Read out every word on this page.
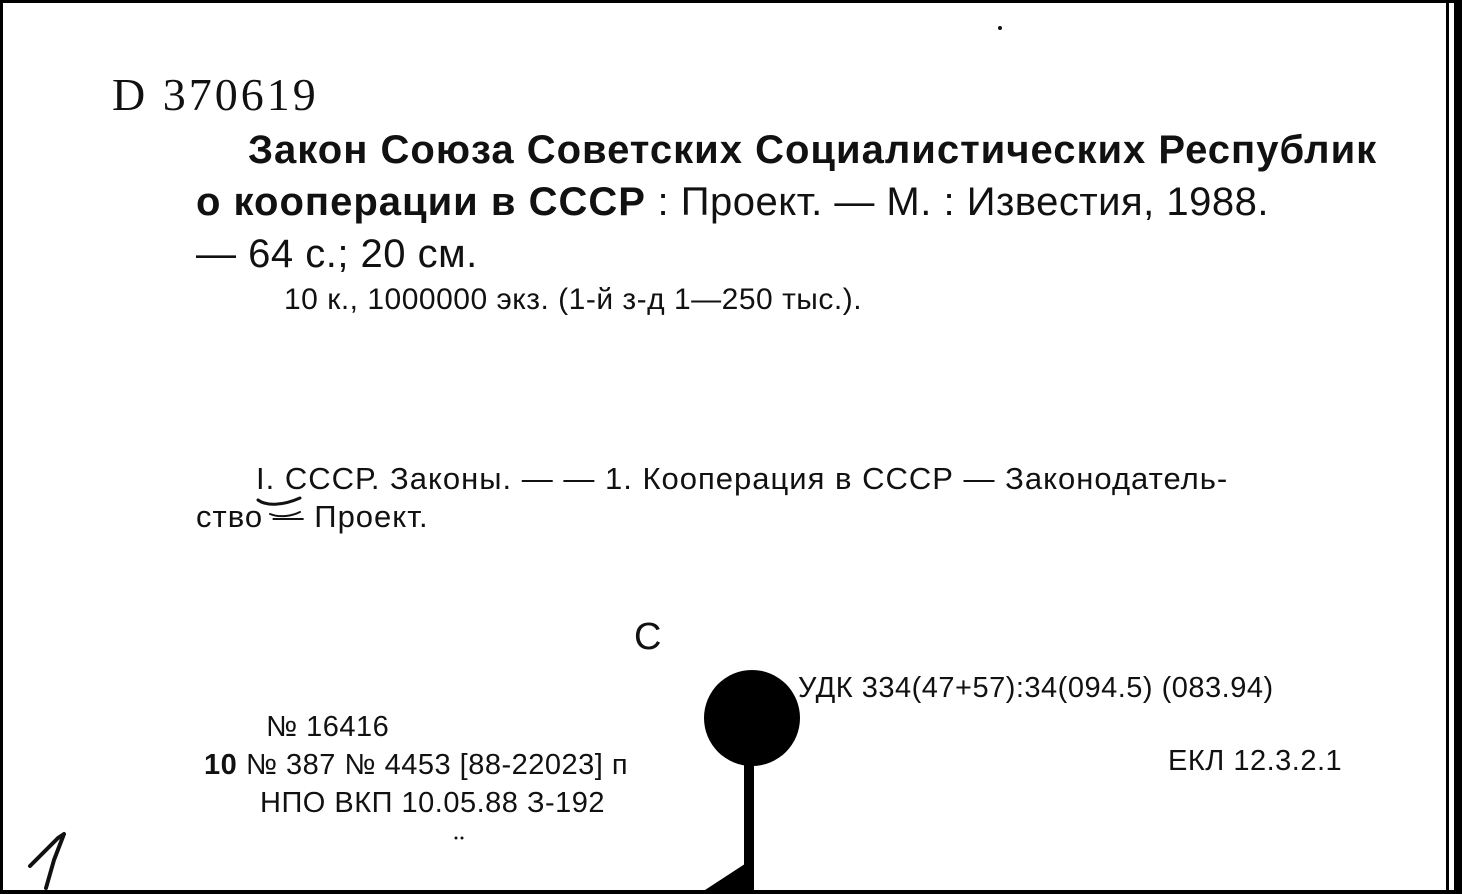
D 370619
Закон Союза Советских Социалистических Республик
о кооперации в СССР : Проект. — М. : Известия, 1988.
— 64 с.; 20 см.
10 к., 1000000 экз. (1-й з-д 1—250 тыс.).
I. СССР. Законы. — — 1. Кооперация в СССР — Законодатель-
ство — Проект.
С
УДК 334(47+57):34(094.5) (083.94)
ЕКЛ 12.3.2.1
№ 16416
10 № 387 № 4453 [88-22023] п
НПО ВКП 10.05.88 З-192
